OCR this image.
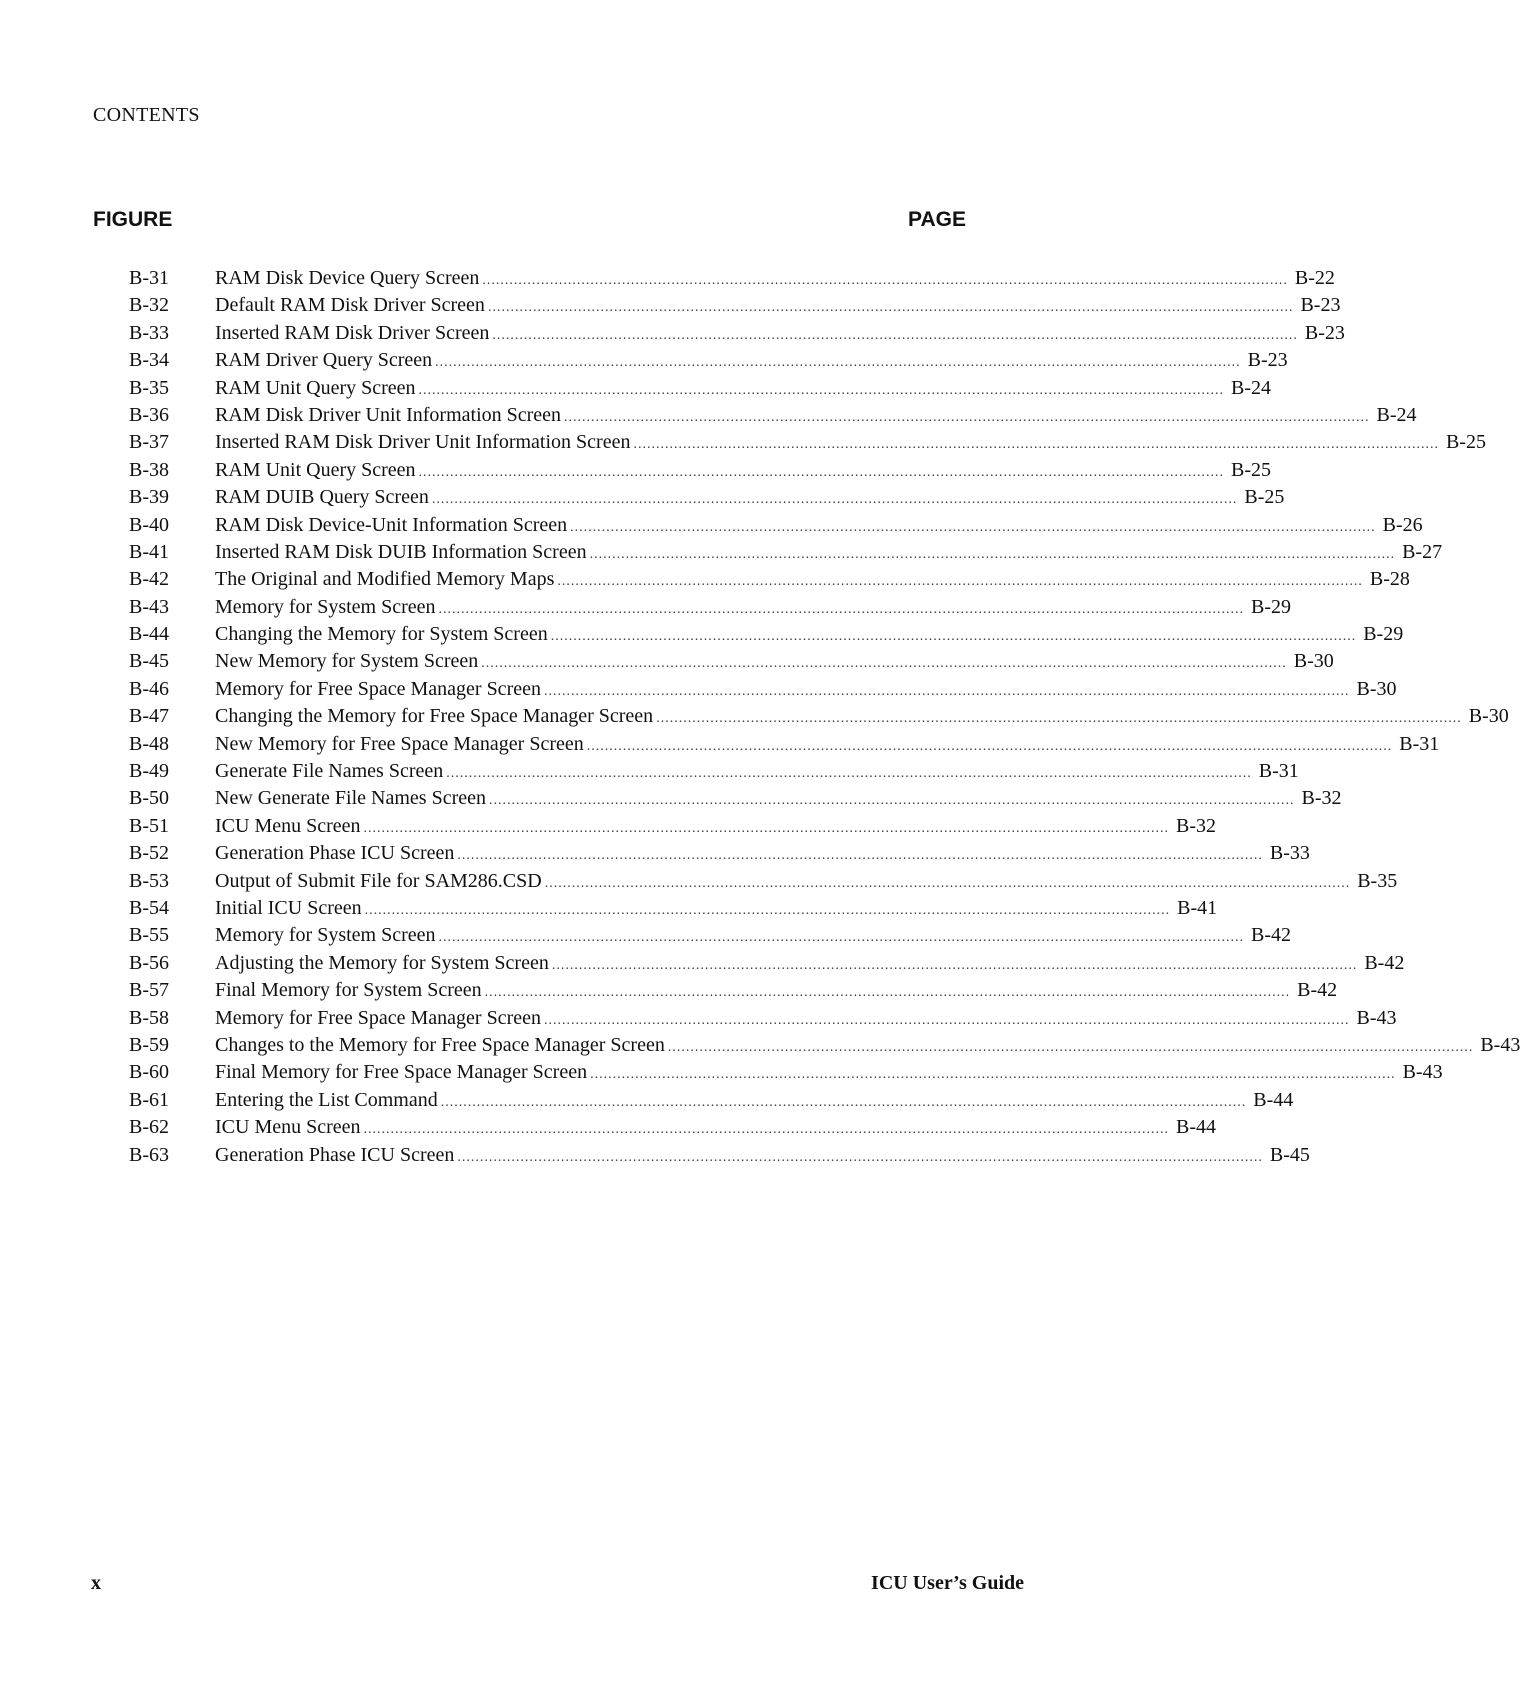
CONTENTS
FIGURE	PAGE
B-31	RAM Disk Device Query Screen .....	B-22
B-32	Default RAM Disk Driver Screen .....	B-23
B-33	Inserted RAM Disk Driver Screen .....	B-23
B-34	RAM Driver Query Screen .....	B-23
B-35	RAM Unit Query Screen .....	B-24
B-36	RAM Disk Driver Unit Information Screen .....	B-24
B-37	Inserted RAM Disk Driver Unit Information Screen .....	B-25
B-38	RAM Unit Query Screen .....	B-25
B-39	RAM DUIB Query Screen .....	B-25
B-40	RAM Disk Device-Unit Information Screen .....	B-26
B-41	Inserted RAM Disk DUIB Information Screen .....	B-27
B-42	The Original and Modified Memory Maps .....	B-28
B-43	Memory for System Screen .....	B-29
B-44	Changing the Memory for System Screen .....	B-29
B-45	New Memory for System Screen .....	B-30
B-46	Memory for Free Space Manager Screen .....	B-30
B-47	Changing the Memory for Free Space Manager Screen .....	B-30
B-48	New Memory for Free Space Manager Screen .....	B-31
B-49	Generate File Names Screen .....	B-31
B-50	New Generate File Names Screen .....	B-32
B-51	ICU Menu Screen .....	B-32
B-52	Generation Phase ICU Screen .....	B-33
B-53	Output of Submit File for SAM286.CSD .....	B-35
B-54	Initial ICU Screen .....	B-41
B-55	Memory for System Screen .....	B-42
B-56	Adjusting the Memory for System Screen .....	B-42
B-57	Final Memory for System Screen .....	B-42
B-58	Memory for Free Space Manager Screen .....	B-43
B-59	Changes to the Memory for Free Space Manager Screen .....	B-43
B-60	Final Memory for Free Space Manager Screen .....	B-43
B-61	Entering the List Command .....	B-44
B-62	ICU Menu Screen .....	B-44
B-63	Generation Phase ICU Screen .....	B-45
x	ICU User’s Guide
